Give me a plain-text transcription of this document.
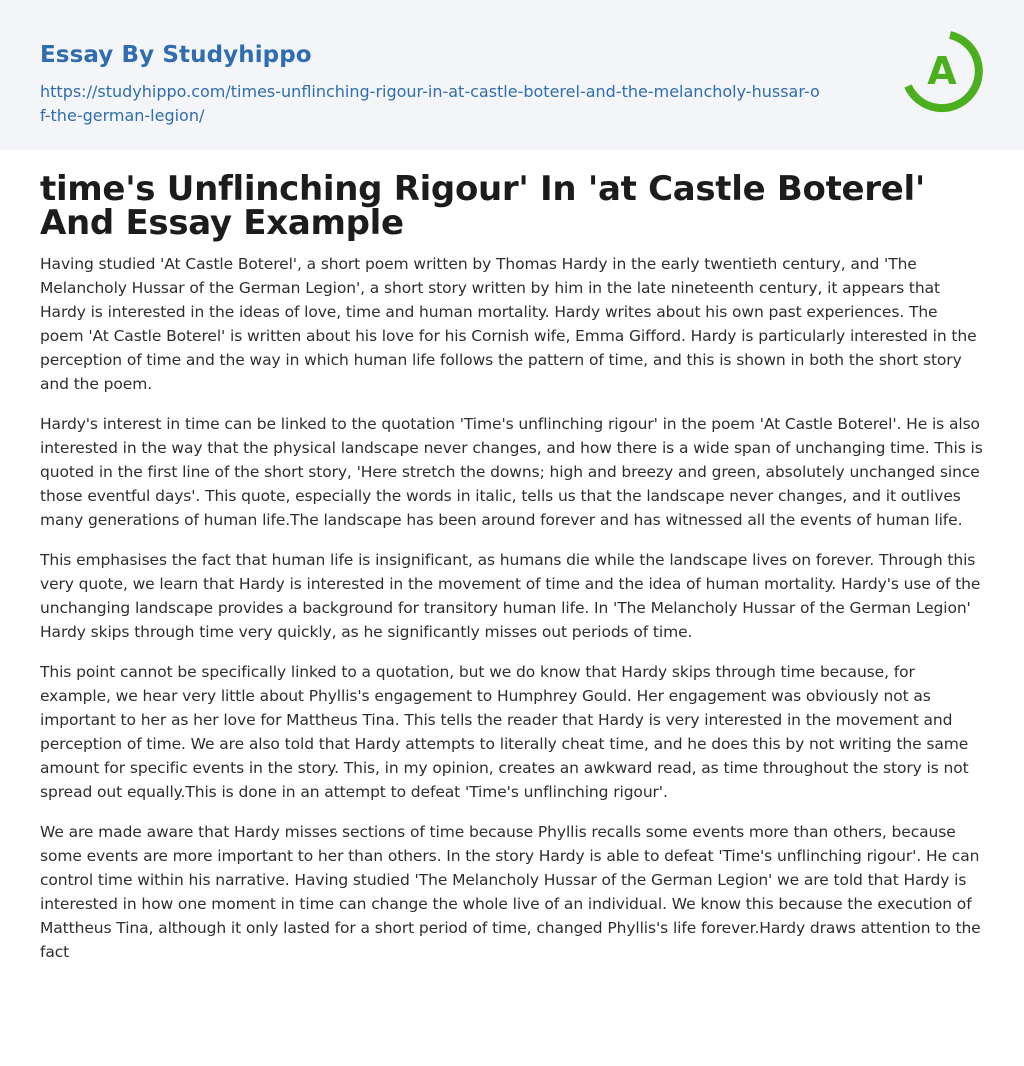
Essay By Studyhippo
https://studyhippo.com/times-unflinching-rigour-in-at-castle-boterel-and-the-melancholy-hussar-of-the-german-legion/
A
time's Unflinching Rigour' In 'at Castle Boterel' And Essay Example

Having studied 'At Castle Boterel', a short poem written by Thomas Hardy in the early twentieth century, and 'The Melancholy Hussar of the German Legion', a short story written by him in the late nineteenth century, it appears that Hardy is interested in the ideas of love, time and human mortality. Hardy writes about his own past experiences. The poem 'At Castle Boterel' is written about his love for his Cornish wife, Emma Gifford. Hardy is particularly interested in the perception of time and the way in which human life follows the pattern of time, and this is shown in both the short story and the poem.

Hardy's interest in time can be linked to the quotation 'Time's unflinching rigour' in the poem 'At Castle Boterel'. He is also interested in the way that the physical landscape never changes, and how there is a wide span of unchanging time. This is quoted in the first line of the short story, 'Here stretch the downs; high and breezy and green, absolutely unchanged since those eventful days'. This quote, especially the words in italic, tells us that the landscape never changes, and it outlives many generations of human life.The landscape has been around forever and has witnessed all the events of human life.

This emphasises the fact that human life is insignificant, as humans die while the landscape lives on forever. Through this very quote, we learn that Hardy is interested in the movement of time and the idea of human mortality. Hardy's use of the unchanging landscape provides a background for transitory human life. In 'The Melancholy Hussar of the German Legion' Hardy skips through time very quickly, as he significantly misses out periods of time.

This point cannot be specifically linked to a quotation, but we do know that Hardy skips through time because, for example, we hear very little about Phyllis's engagement to Humphrey Gould. Her engagement was obviously not as important to her as her love for Mattheus Tina. This tells the reader that Hardy is very interested in the movement and perception of time. We are also told that Hardy attempts to literally cheat time, and he does this by not writing the same amount for specific events in the story. This, in my opinion, creates an awkward read, as time throughout the story is not spread out equally.This is done in an attempt to defeat 'Time's unflinching rigour'.

We are made aware that Hardy misses sections of time because Phyllis recalls some events more than others, because some events are more important to her than others. In the story Hardy is able to defeat 'Time's unflinching rigour'. He can control time within his narrative. Having studied 'The Melancholy Hussar of the German Legion' we are told that Hardy is interested in how one moment in time can change the whole live of an individual. We know this because the execution of Mattheus Tina, although it only lasted for a short period of time, changed Phyllis's life forever.Hardy draws attention to the fact
